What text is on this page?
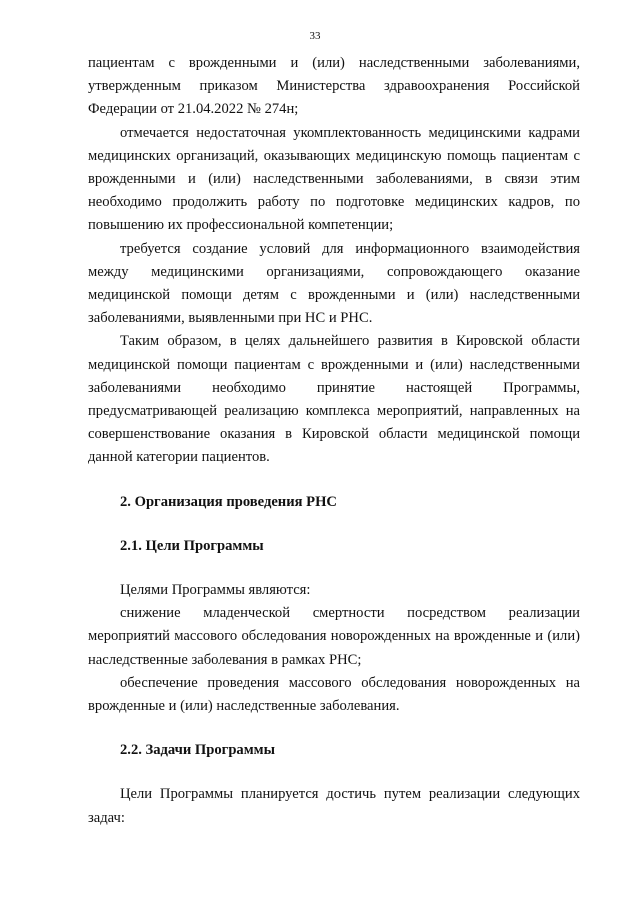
33

пациентам с врожденными и (или) наследственными заболеваниями, утвержденным приказом Министерства здравоохранения Российской Федерации от 21.04.2022 № 274н;

отмечается недостаточная укомплектованность медицинскими кадрами медицинских организаций, оказывающих медицинскую помощь пациентам с врожденными и (или) наследственными заболеваниями, в связи этим необходимо продолжить работу по подготовке медицинских кадров, по повышению их профессиональной компетенции;

требуется создание условий для информационного взаимодействия между медицинскими организациями, сопровождающего оказание медицинской помощи детям с врожденными и (или) наследственными заболеваниями, выявленными при НС и РНС.

Таким образом, в целях дальнейшего развития в Кировской области медицинской помощи пациентам с врожденными и (или) наследственными заболеваниями необходимо принятие настоящей Программы, предусматривающей реализацию комплекса мероприятий, направленных на совершенствование оказания в Кировской области медицинской помощи данной категории пациентов.

2. Организация проведения РНС

2.1. Цели Программы

Целями Программы являются:

снижение младенческой смертности посредством реализации мероприятий массового обследования новорожденных на врожденные и (или) наследственные заболевания в рамках РНС;

обеспечение проведения массового обследования новорожденных на врожденные и (или) наследственные заболевания.

2.2. Задачи Программы

Цели Программы планируется достичь путем реализации следующих задач:
